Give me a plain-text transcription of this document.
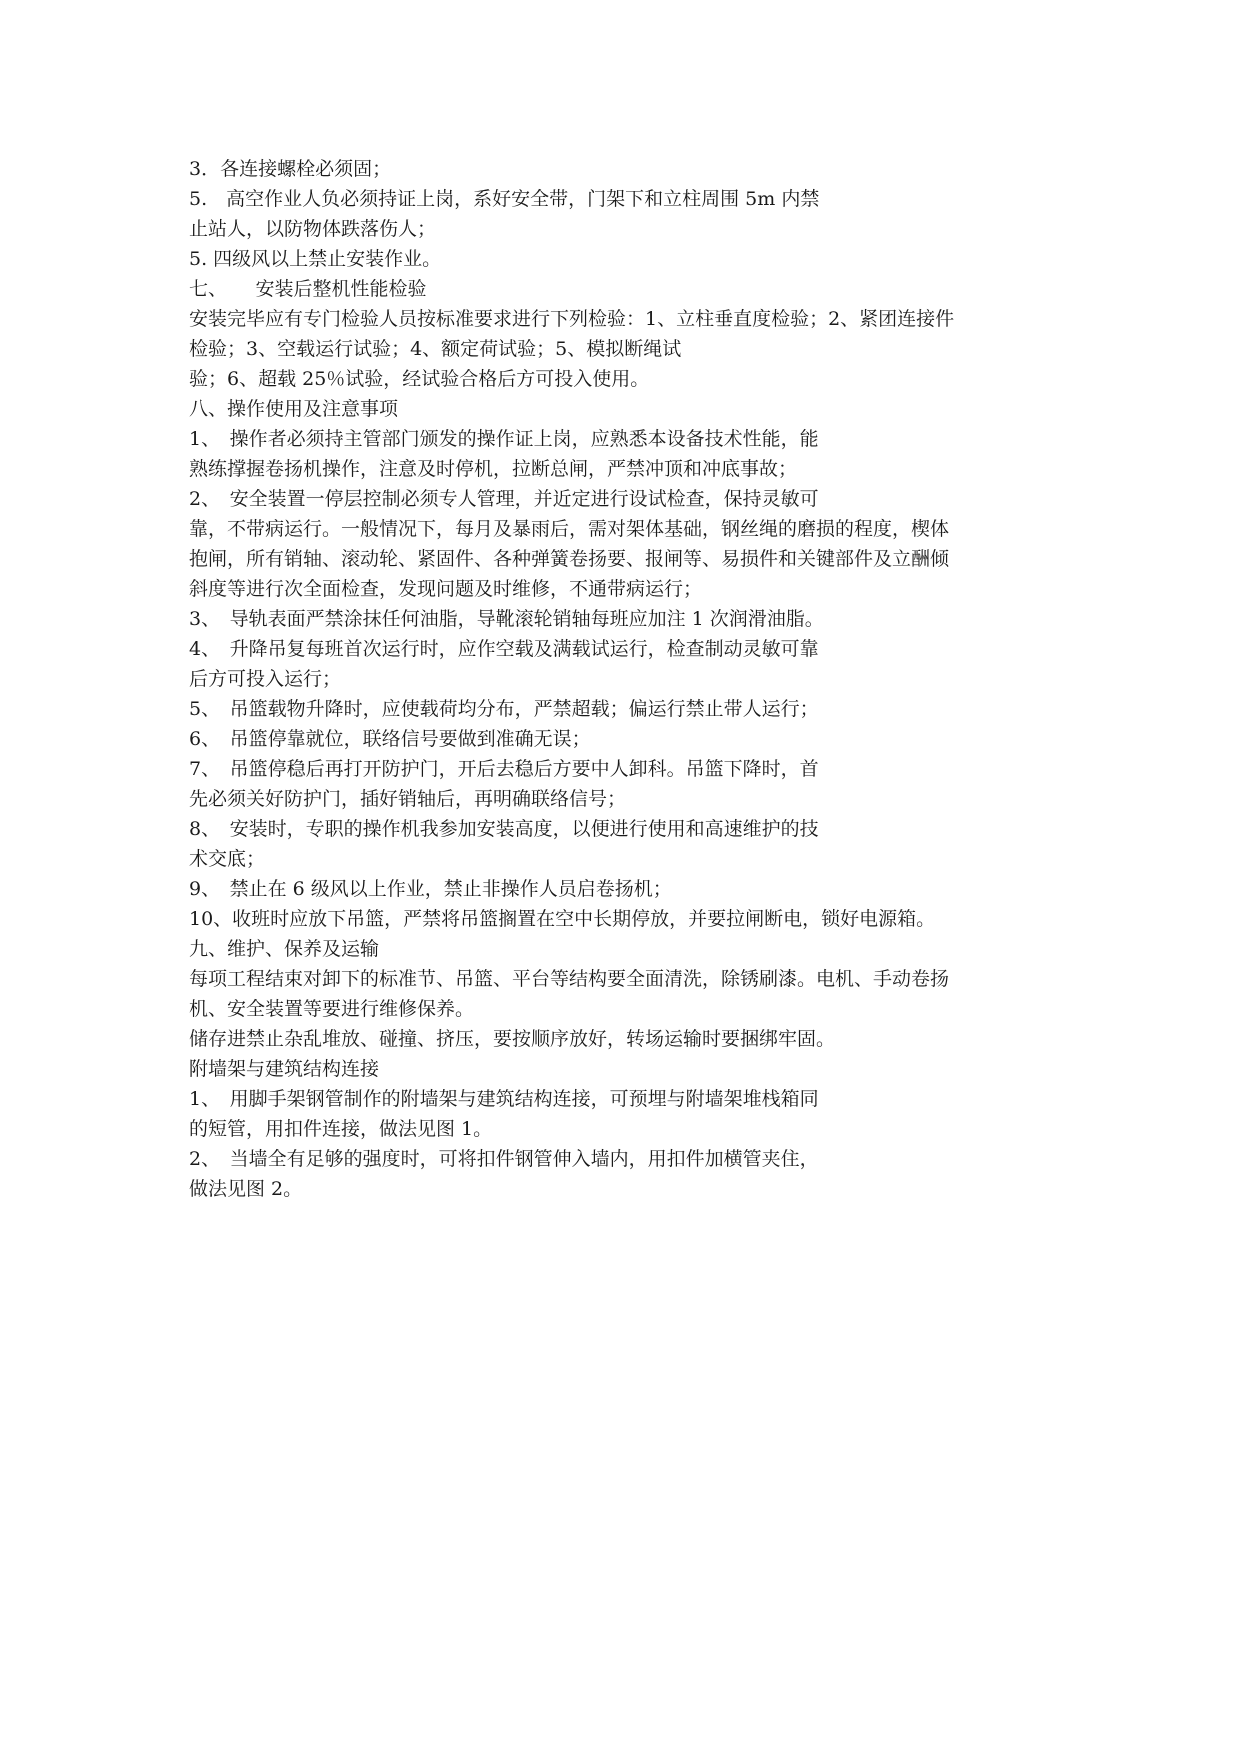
3．各连接螺栓必须固；
5.　高空作业人负必须持证上岗，系好安全带，门架下和立柱周围 5m 内禁
止站人，以防物体跌落伤人；
5. 四级风以上禁止安装作业。
七、　　安装后整机性能检验
安装完毕应有专门检验人员按标准要求进行下列检验：1、立柱垂直度检验；2、紧团连接件
检验；3、空载运行试验；4、额定荷试验；5、模拟断绳试
验；6、超载 25％试验，经试验合格后方可投入使用。
八、操作使用及注意事项
1、　操作者必须持主管部门颁发的操作证上岗，应熟悉本设备技术性能，能
熟练撑握卷扬机操作，注意及时停机，拉断总闸，严禁冲顶和冲底事故；
2、　安全装置一停层控制必须专人管理，并近定进行设试检查，保持灵敏可
靠，不带病运行。一般情况下，每月及暴雨后，需对架体基础，钢丝绳的磨损的程度，楔体
抱闸，所有销轴、滚动轮、紧固件、各种弹簧卷扬要、报闸等、易损件和关键部件及立酬倾
斜度等进行次全面检查，发现问题及时维修，不通带病运行；
3、　导轨表面严禁涂抹任何油脂，导靴滚轮销轴每班应加注 1 次润滑油脂。
4、　升降吊复每班首次运行时，应作空载及满载试运行，检查制动灵敏可靠
后方可投入运行；
5、　吊篮载物升降时，应使载荷均分布，严禁超载；偏运行禁止带人运行；
6、　吊篮停靠就位，联络信号要做到准确无误；
7、　吊篮停稳后再打开防护门，开后去稳后方要中人卸科。吊篮下降时，首
先必须关好防护门，插好销轴后，再明确联络信号；
8、　安装时，专职的操作机我参加安装高度，以便进行使用和高速维护的技
术交底；
9、　禁止在 6 级风以上作业，禁止非操作人员启卷扬机；
10、收班时应放下吊篮，严禁将吊篮搁置在空中长期停放，并要拉闸断电，锁好电源箱。
九、维护、保养及运输
每项工程结束对卸下的标准节、吊篮、平台等结构要全面清洗，除锈刷漆。电机、手动卷扬
机、安全装置等要进行维修保养。
储存进禁止杂乱堆放、碰撞、挤压，要按顺序放好，转场运输时要捆绑牢固。
附墙架与建筑结构连接
1、　用脚手架钢管制作的附墙架与建筑结构连接，可预埋与附墙架堆栈箱同
的短管，用扣件连接，做法见图 1。
2、　当墙全有足够的强度时，可将扣件钢管伸入墙内，用扣件加横管夹住，
做法见图 2。
